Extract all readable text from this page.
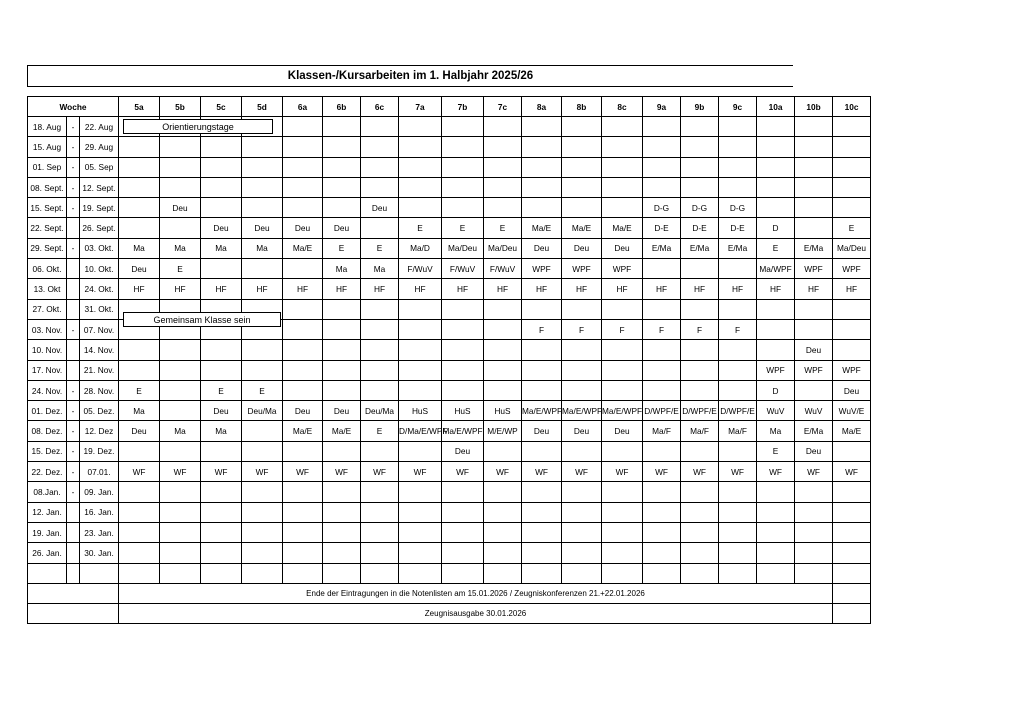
Klassen-/Kursarbeiten im 1. Halbjahr 2025/26
Woche			5a	5b	5c	5d	6a	6b	6c	7a	7b	7c	8a	8b	8c	9a	9b	9c	10a	10b	10c
18. Aug	-	22. Aug																			
15. Aug	-	29. Aug																			
01. Sep	-	05. Sep																			
08. Sept.	-	12. Sept.																			
15. Sept.	-	19. Sept.		Deu					Deu							D-G	D-G	D-G			
22. Sept.		26. Sept.			Deu	Deu	Deu	Deu		E	E	E	Ma/E	Ma/E	Ma/E	D-E	D-E	D-E	D		E
29. Sept.	-	03. Okt.	Ma	Ma	Ma	Ma	Ma/E	E	E	Ma/D	Ma/Deu	Ma/Deu	Deu	Deu	Deu	E/Ma	E/Ma	E/Ma	E	E/Ma	Ma/Deu
06. Okt.		10. Okt.	Deu	E				Ma	Ma	F/WuV	F/WuV	F/WuV	WPF	WPF	WPF				Ma/WPF	WPF	WPF
13. Okt		24. Okt.	HF	HF	HF	HF	HF	HF	HF	HF	HF	HF	HF	HF	HF	HF	HF	HF	HF	HF	HF
27. Okt.		31. Okt.																			
03. Nov.	-	07. Nov.											F	F	F	F	F	F			
10. Nov.		14. Nov.																		Deu	
17. Nov.		21. Nov.																	WPF	WPF	WPF
24. Nov.	-	28. Nov.	E		E	E													D		Deu
01. Dez.	-	05. Dez.	Ma		Deu	Deu/Ma	Deu	Deu	Deu/Ma	HuS	HuS	HuS	Ma/E/WPF	Ma/E/WPF	Ma/E/WPF	D/WPF/E	D/WPF/E	D/WPF/E	WuV	WuV	WuV/E
08. Dez.	-	12. Dez	Deu	Ma	Ma		Ma/E	Ma/E	E	D/Ma/E/WPF	Ma/E/WPF	M/E/WP	Deu	Deu	Deu	Ma/F	Ma/F	Ma/F	Ma	E/Ma	Ma/E
15. Dez.	-	19. Dez.									Deu								E	Deu	
22. Dez.	-	07.01.	WF	WF	WF	WF	WF	WF	WF	WF	WF	WF	WF	WF	WF	WF	WF	WF	WF	WF	WF
08.Jan.	-	09. Jan.																			
12. Jan.		16. Jan.																			
19. Jan.		23. Jan.																			
26. Jan.		30. Jan.																			

			Ende der Eintragungen in die Notenlisten am 15.01.2026 / Zeugniskonferenzen 21.+22.01.2026																		
			Zeugnisausgabe 30.01.2026																		
Orientierungstage
Gemeinsam Klasse sein
